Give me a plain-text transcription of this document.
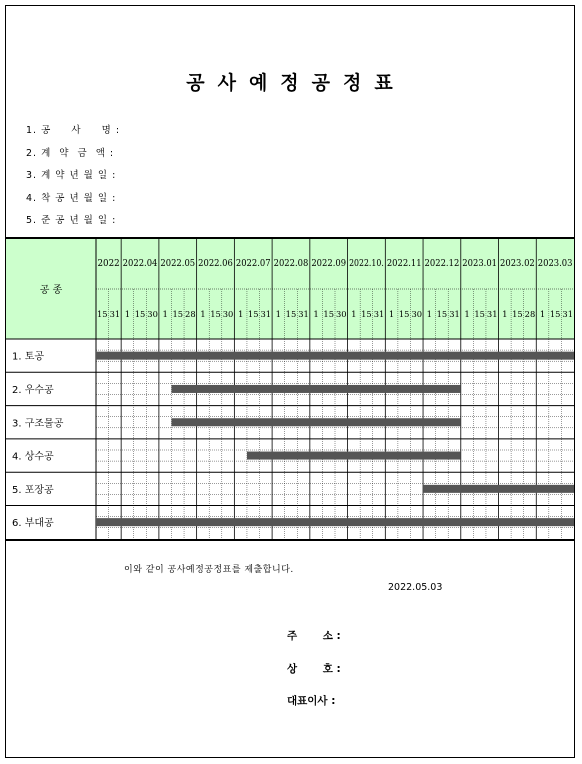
공사예정공정표
1. 공     사     명 :
2. 계  약  금  액 :
3. 계 약 년 월 일 :
4. 착 공 년 월 일 :
5. 준 공 년 월 일 :
공 종
2022
15 31
2022.04
1 15 30
2022.05
1 15 28
2022.06
1 15 30
2022.07
1 15 31
2022.08
1 15 31
2022.09
1 15 30
2022.10.
1 15 31
2022.11
1 15 30
2022.12
1 15 31
2023.01
1 15 31
2023.02
1 15 28
2023.03
1 15 31
1. 토공
2. 우수공
3. 구조물공
4. 상수공
5. 포장공
6. 부대공
이와 같이 공사예정공정표를 제출합니다.
2022.05.03
주       소 :
상       호 :
대표이사 :
